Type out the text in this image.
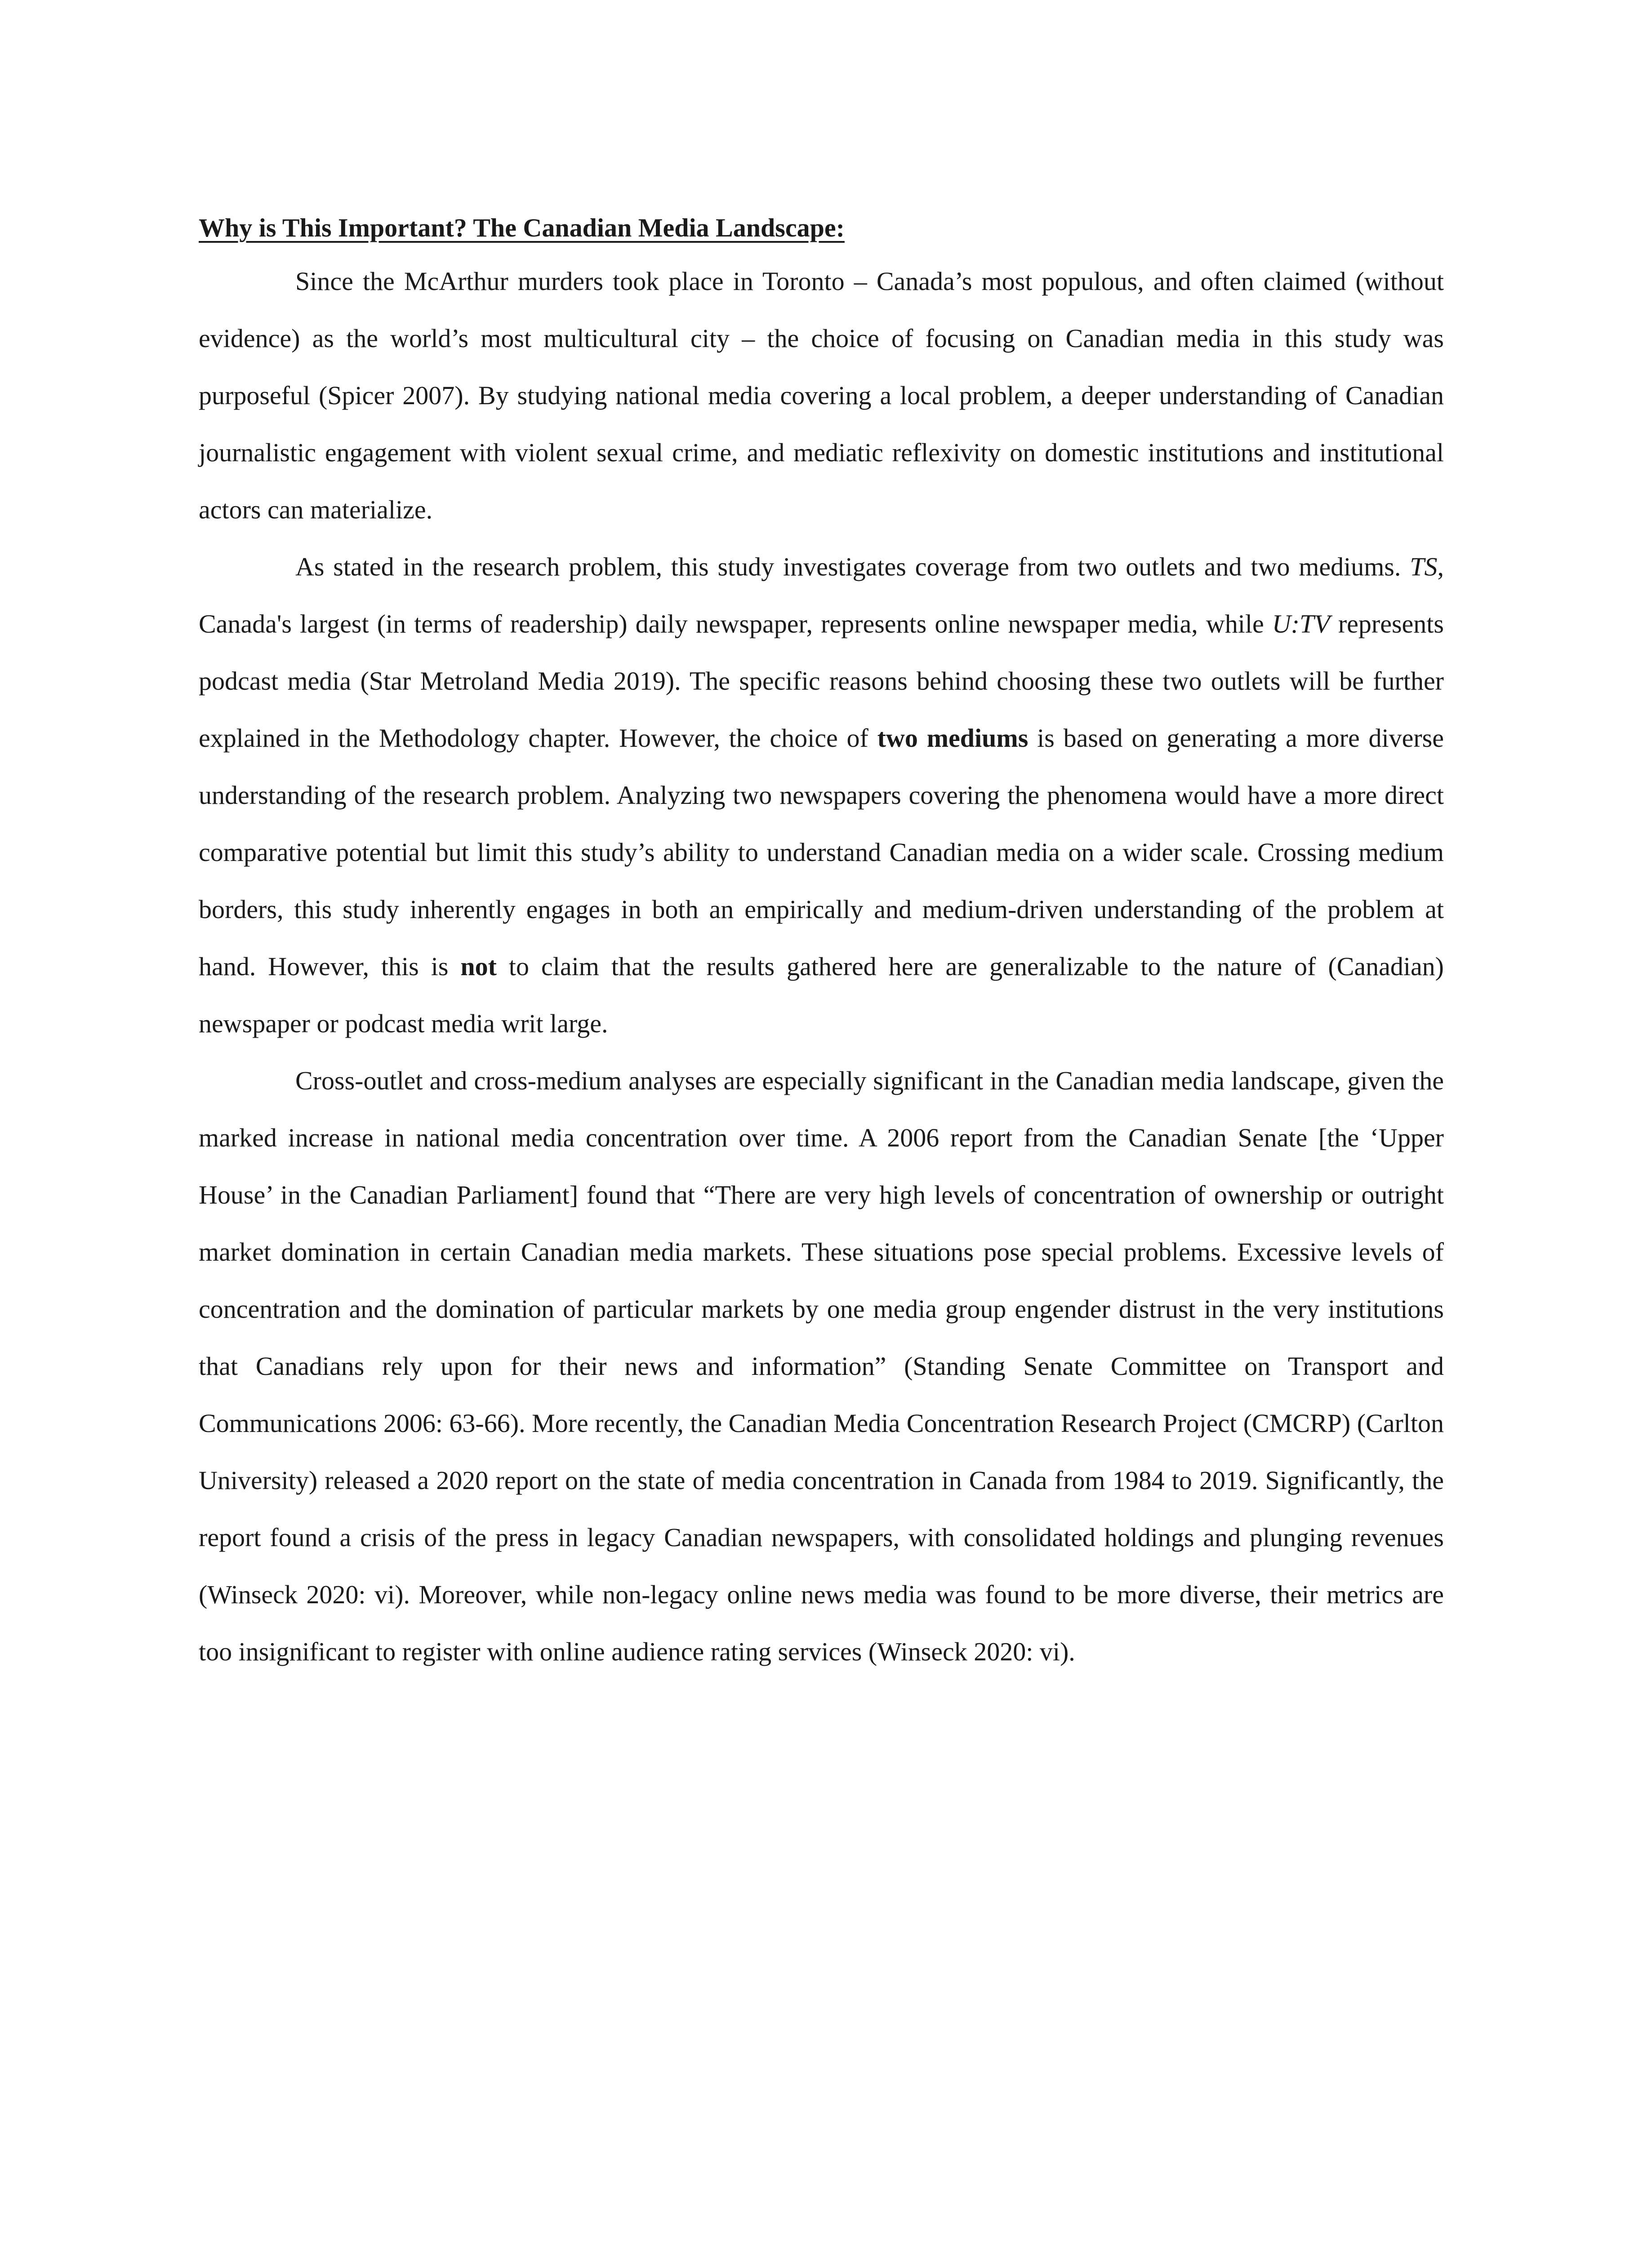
Why is This Important? The Canadian Media Landscape:

Since the McArthur murders took place in Toronto – Canada’s most populous, and often claimed (without evidence) as the world’s most multicultural city – the choice of focusing on Canadian media in this study was purposeful (Spicer 2007). By studying national media covering a local problem, a deeper understanding of Canadian journalistic engagement with violent sexual crime, and mediatic reflexivity on domestic institutions and institutional actors can materialize.

As stated in the research problem, this study investigates coverage from two outlets and two mediums. TS, Canada's largest (in terms of readership) daily newspaper, represents online newspaper media, while U:TV represents podcast media (Star Metroland Media 2019). The specific reasons behind choosing these two outlets will be further explained in the Methodology chapter. However, the choice of two mediums is based on generating a more diverse understanding of the research problem. Analyzing two newspapers covering the phenomena would have a more direct comparative potential but limit this study’s ability to understand Canadian media on a wider scale. Crossing medium borders, this study inherently engages in both an empirically and medium-driven understanding of the problem at hand. However, this is not to claim that the results gathered here are generalizable to the nature of (Canadian) newspaper or podcast media writ large.

Cross-outlet and cross-medium analyses are especially significant in the Canadian media landscape, given the marked increase in national media concentration over time. A 2006 report from the Canadian Senate [the ‘Upper House’ in the Canadian Parliament] found that “There are very high levels of concentration of ownership or outright market domination in certain Canadian media markets. These situations pose special problems. Excessive levels of concentration and the domination of particular markets by one media group engender distrust in the very institutions that Canadians rely upon for their news and information” (Standing Senate Committee on Transport and Communications 2006: 63-66). More recently, the Canadian Media Concentration Research Project (CMCRP) (Carlton University) released a 2020 report on the state of media concentration in Canada from 1984 to 2019. Significantly, the report found a crisis of the press in legacy Canadian newspapers, with consolidated holdings and plunging revenues (Winseck 2020: vi). Moreover, while non-legacy online news media was found to be more diverse, their metrics are too insignificant to register with online audience rating services (Winseck 2020: vi).
